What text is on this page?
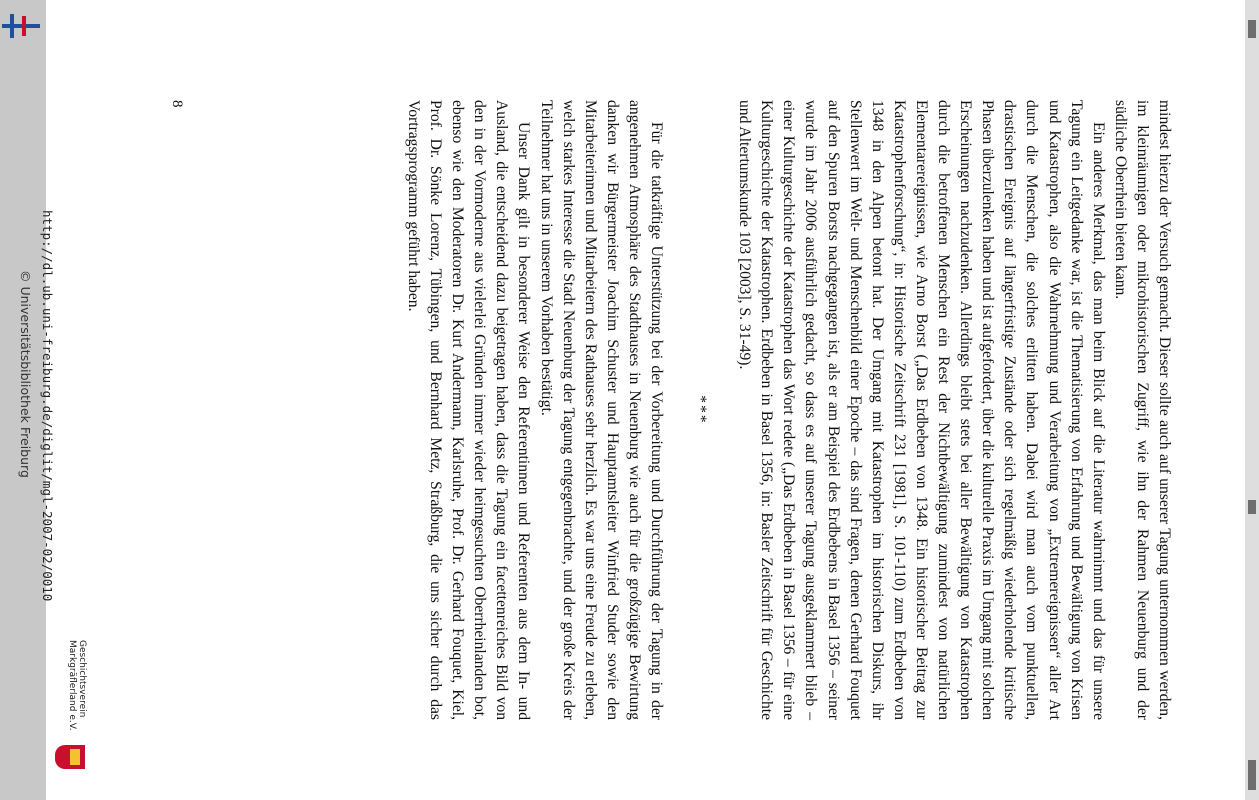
mindest hierzu der Versuch gemacht. Dieser sollte auch auf unserer Tagung unternommen werden, im kleinräumigen oder mikrohistorischen Zugriff, wie ihn der Rahmen Neuenburg und der südliche Oberrhein bieten kann.

Ein anderes Merkmal, das man beim Blick auf die Literatur wahrnimmt und das für unsere Tagung ein Leitgedanke war, ist die Thematisierung von Erfahrung und Bewältigung von Krisen und Katastrophen, also die Wahrnehmung und Verarbeitung von „Extremereignissen“ aller Art durch die Menschen, die solches erlitten haben. Dabei wird man auch vom punktuellen, drastischen Ereignis auf längerfristige Zustände oder sich regelmäßig wiederholende kritische Phasen überzulenken haben und ist aufgefordert, über die kulturelle Praxis im Umgang mit solchen Erscheinungen nachzudenken. Allerdings bleibt stets bei aller Bewältigung von Katastrophen durch die betroffenen Menschen ein Rest der Nichtbewältigung zumindest von natürlichen Elementarereignissen, wie Arno Borst („Das Erdbeben von 1348. Ein historischer Beitrag zur Katastrophenforschung“, in: Historische Zeitschrift 231 [1981], S. 101-110) zum Erdbeben von 1348 in den Alpen betont hat. Der Umgang mit Katastrophen im historischen Diskurs, ihr Stellenwert im Welt- und Menschenbild einer Epoche – das sind Fragen, denen Gerhard Fouquet auf den Spuren Borsts nachgegangen ist, als er am Beispiel des Erdbebens in Basel 1356 – seiner wurde im Jahr 2006 ausführlich gedacht, so dass es auf unserer Tagung ausgeklammert blieb – einer Kulturgeschichte der Katastrophen das Wort redete („Das Erdbeben in Basel 1356 – für eine Kulturgeschichte der Katastrophen. Erdbeben in Basel 1356, in: Basler Zeitschrift für Geschichte und Altertumskunde 103 [2003], S. 31-49).

***

Für die tatkräftige Unterstützung bei der Vorbereitung und Durchführung der Tagung in der angenehmen Atmosphäre des Stadthauses in Neuenburg wie auch für die großzügige Bewirtung danken wir Bürgermeister Joachim Schuster und Hauptamtsleiter Winfried Studer sowie den Mitarbeiterinnen und Mitarbeitern des Rathauses sehr herzlich. Es war uns eine Freude zu erleben, welch starkes Interesse die Stadt Neuenburg der Tagung entgegenbrachte, und der große Kreis der Teilnehmer hat uns in unserem Vorhaben bestätigt.

Unser Dank gilt in besonderer Weise den Referentinnen und Referenten aus dem In- und Ausland, die entscheidend dazu beigetragen haben, dass die Tagung ein facettenreiches Bild von den in der Vormoderne aus vielerlei Gründen immer wieder heimgesuchten Oberrheinlanden bot, ebenso wie den Moderatoren Dr. Kurt Andermann, Karlsruhe, Prof. Dr. Gerhard Fouquet, Kiel, Prof. Dr. Sönke Lorenz, Tübingen, und Bernhard Metz, Straßburg, die uns sicher durch das Vortragsprogramm geführt haben.

8
http://dl.ub.uni-freiburg.de/diglit/mgl-2007-02/0010
© Universitätsbibliothek Freiburg
Geschichtsverein
Markgräflerland e.V.
